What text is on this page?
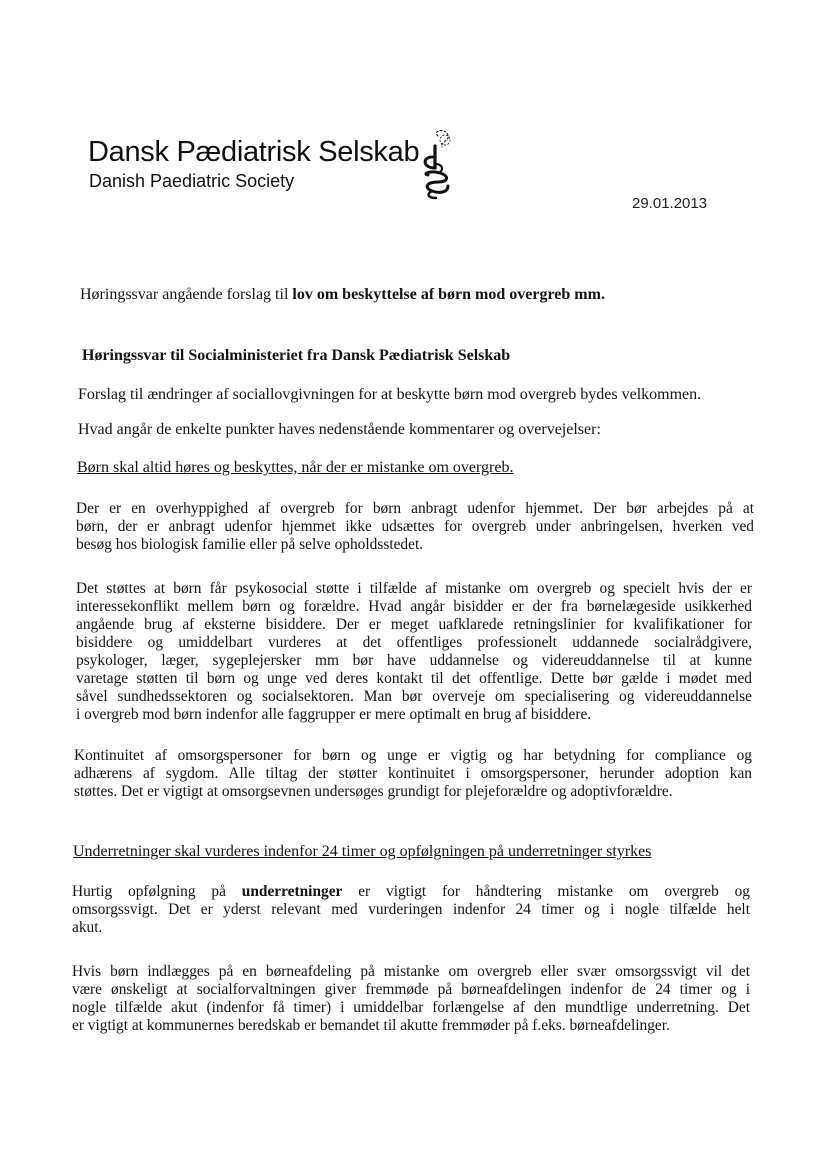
Dansk Pædiatrisk Selskab
Danish Paediatric Society
29.01.2013
Høringssvar angående forslag til lov om beskyttelse af børn mod overgreb mm.
Høringssvar til Socialministeriet fra Dansk Pædiatrisk Selskab
Forslag til ændringer af sociallovgivningen for at beskytte børn mod overgreb bydes velkommen.
Hvad angår de enkelte punkter haves nedenstående kommentarer og overvejelser:
Børn skal altid høres og beskyttes, når der er mistanke om overgreb.
Der er en overhyppighed af overgreb for børn anbragt udenfor hjemmet. Der bør arbejdes på at
børn, der er anbragt udenfor hjemmet ikke udsættes for overgreb under anbringelsen, hverken ved
besøg hos biologisk familie eller på selve opholdsstedet.
Det støttes at børn får psykosocial støtte i tilfælde af mistanke om overgreb og specielt hvis der er
interessekonflikt mellem børn og forældre. Hvad angår bisidder er der fra børnelægeside usikkerhed
angående brug af eksterne bisiddere. Der er meget uafklarede retningslinier for kvalifikationer for
bisiddere og umiddelbart vurderes at det offentliges professionelt uddannede socialrådgivere,
psykologer, læger, sygeplejersker mm bør have uddannelse og videreuddannelse til at kunne
varetage støtten til børn og unge ved deres kontakt til det offentlige. Dette bør gælde i mødet med
såvel sundhedssektoren og socialsektoren. Man bør overveje om specialisering og videreuddannelse
i overgreb mod børn indenfor alle faggrupper er mere optimalt en brug af bisiddere.
Kontinuitet af omsorgspersoner for børn og unge er vigtig og har betydning for compliance og
adhærens af sygdom. Alle tiltag der støtter kontinuitet i omsorgspersoner, herunder adoption kan
støttes. Det er vigtigt at omsorgsevnen undersøges grundigt for plejeforældre og adoptivforældre.
Underretninger skal vurderes indenfor 24 timer og opfølgningen på underretninger styrkes
Hurtig opfølgning på underretninger er vigtigt for håndtering mistanke om overgreb og
omsorgssvigt. Det er yderst relevant med vurderingen indenfor 24 timer og i nogle tilfælde helt
akut.
Hvis børn indlægges på en børneafdeling på mistanke om overgreb eller svær omsorgssvigt vil det
være ønskeligt at socialforvaltningen giver fremmøde på børneafdelingen indenfor de 24 timer og i
nogle tilfælde akut (indenfor få timer) i umiddelbar forlængelse af den mundtlige underretning. Det
er vigtigt at kommunernes beredskab er bemandet til akutte fremmøder på f.eks. børneafdelinger.
